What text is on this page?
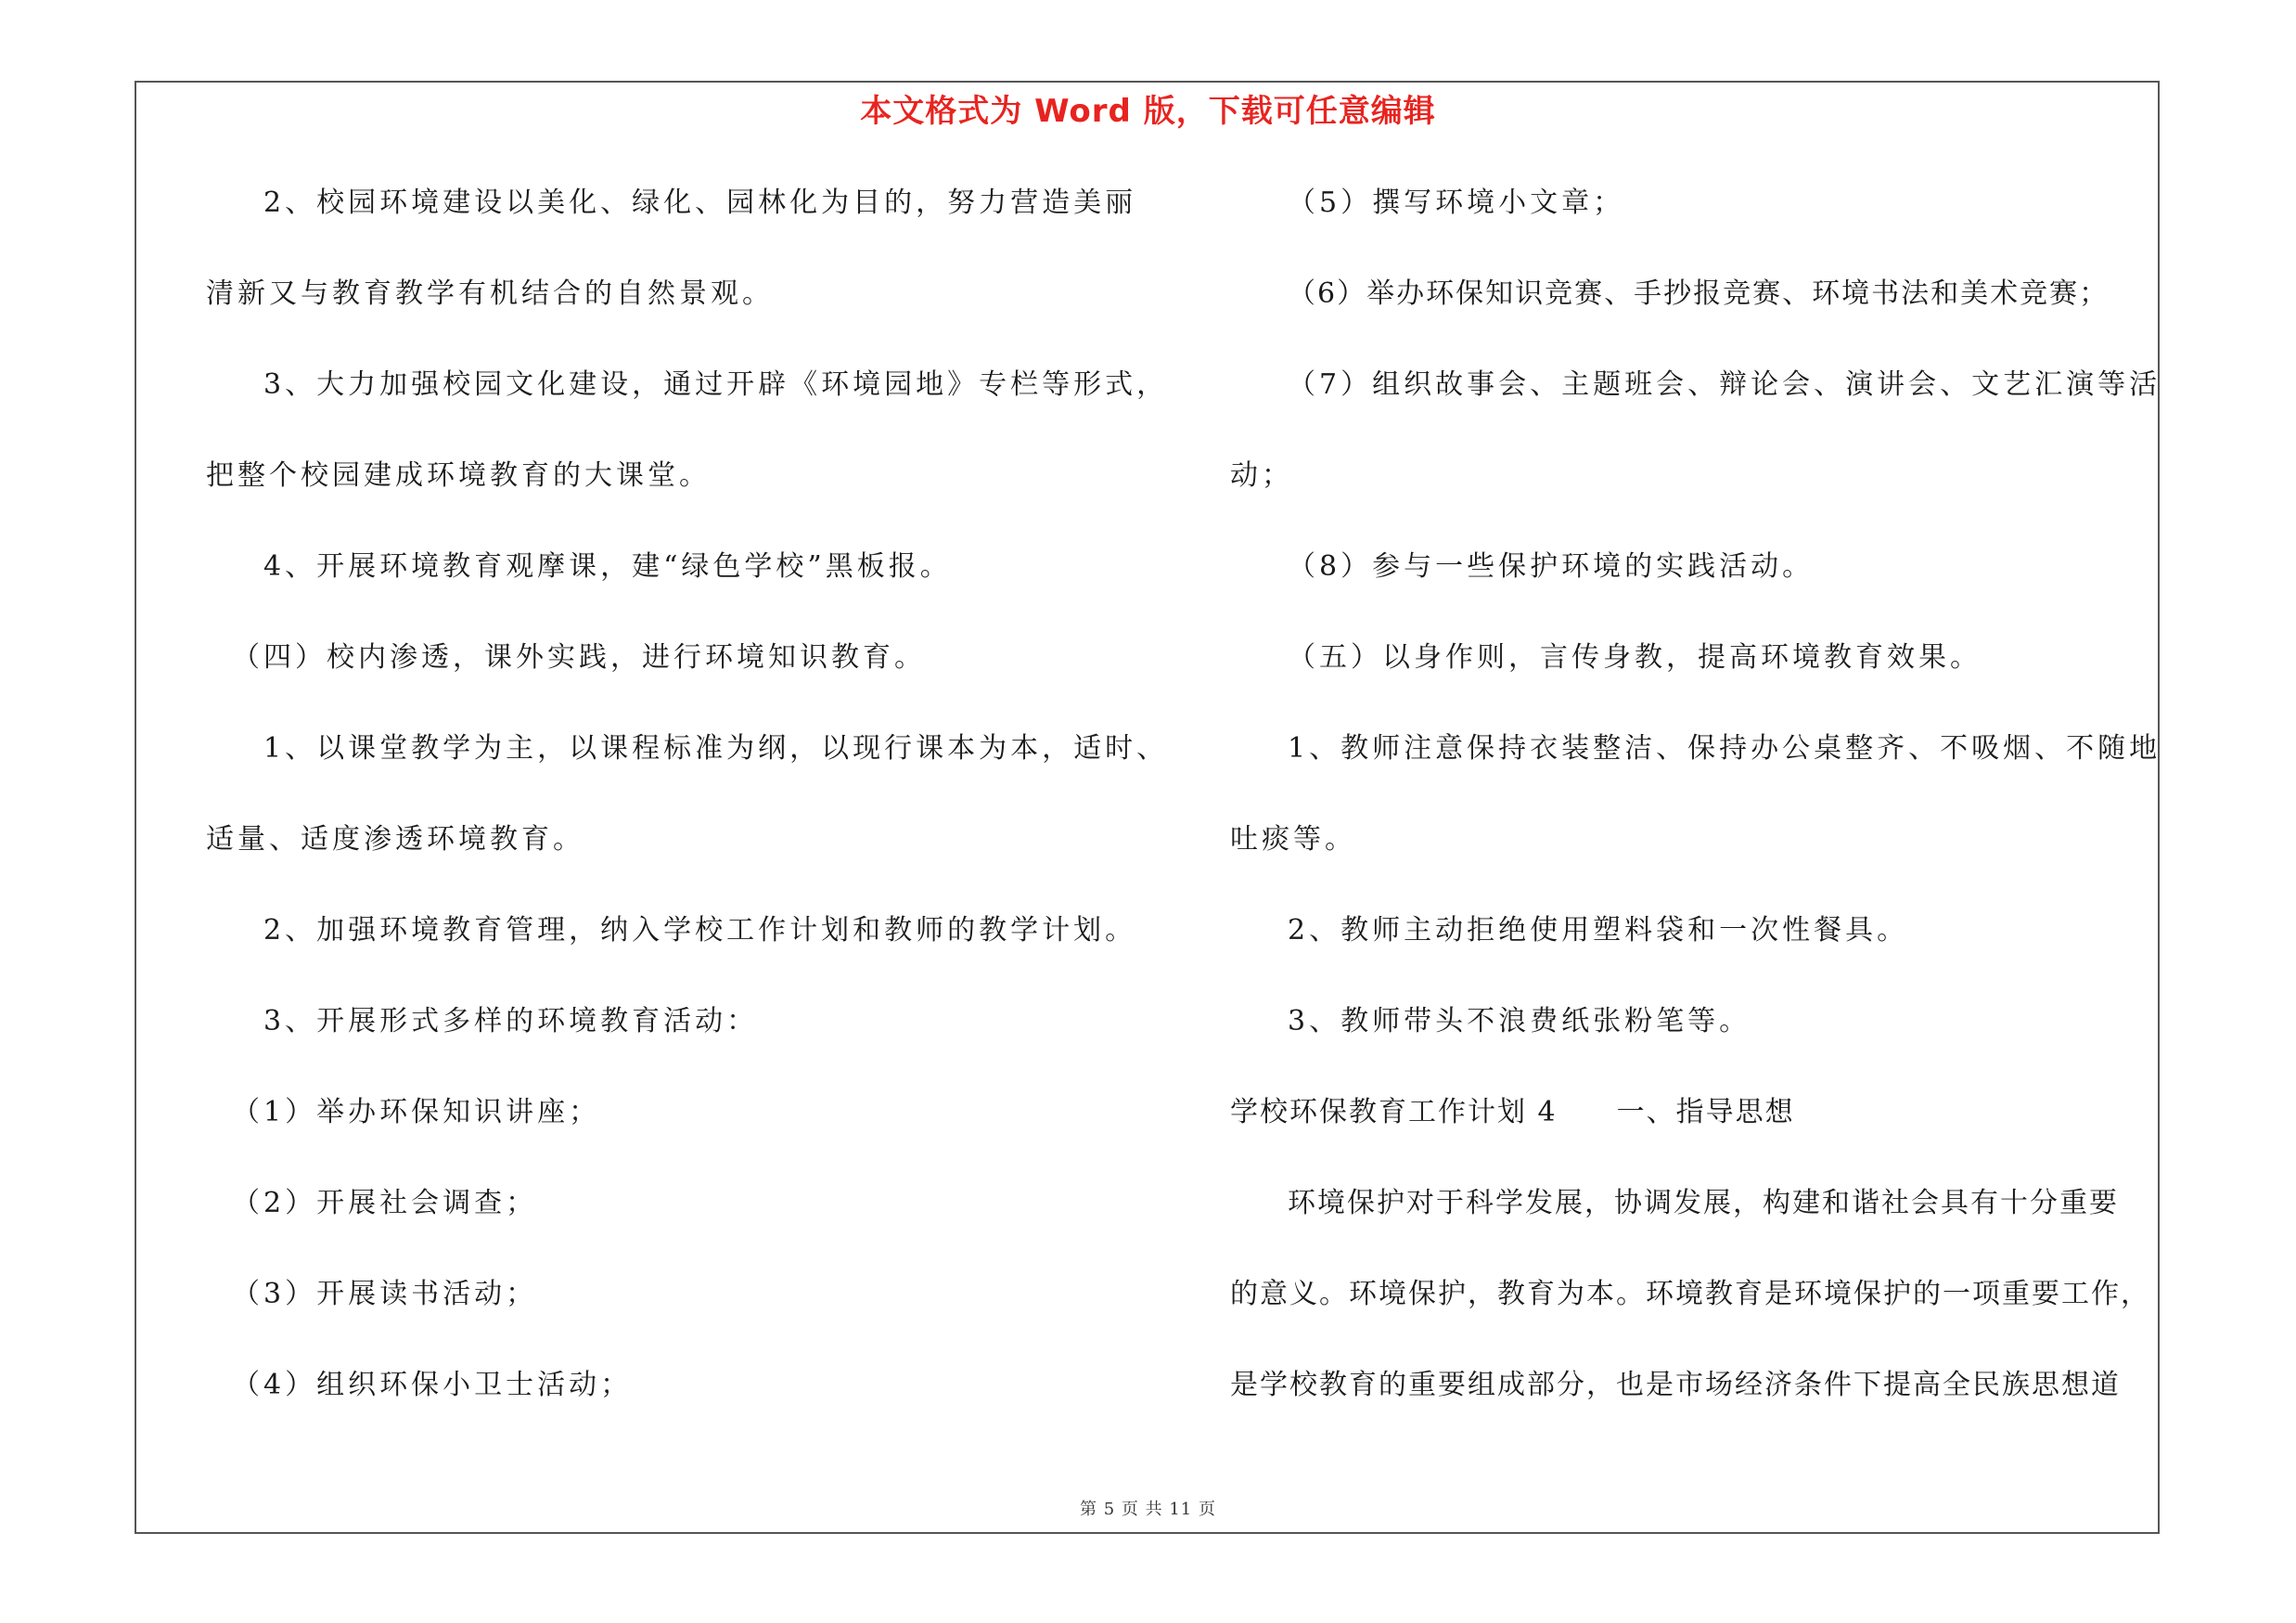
本文格式为 Word 版，下载可任意编辑
2、校园环境建设以美化、绿化、园林化为目的，努力营造美丽
清新又与教育教学有机结合的自然景观。
3、大力加强校园文化建设，通过开辟《环境园地》专栏等形式，
把整个校园建成环境教育的大课堂。
4、开展环境教育观摩课，建“绿色学校”黑板报。
（四）校内渗透，课外实践，进行环境知识教育。
1、以课堂教学为主，以课程标准为纲，以现行课本为本，适时、
适量、适度渗透环境教育。
2、加强环境教育管理，纳入学校工作计划和教师的教学计划。
3、开展形式多样的环境教育活动：
（1）举办环保知识讲座；
（2）开展社会调查；
（3）开展读书活动；
（4）组织环保小卫士活动；
（5）撰写环境小文章；
（6）举办环保知识竞赛、手抄报竞赛、环境书法和美术竞赛；
（7）组织故事会、主题班会、辩论会、演讲会、文艺汇演等活
动；
（8）参与一些保护环境的实践活动。
（五）以身作则，言传身教，提高环境教育效果。
1、教师注意保持衣装整洁、保持办公桌整齐、不吸烟、不随地
吐痰等。
2、教师主动拒绝使用塑料袋和一次性餐具。
3、教师带头不浪费纸张粉笔等。
学校环保教育工作计划 4　　一、指导思想
环境保护对于科学发展，协调发展，构建和谐社会具有十分重要
的意义。环境保护，教育为本。环境教育是环境保护的一项重要工作，
是学校教育的重要组成部分，也是市场经济条件下提高全民族思想道
第 5 页 共 11 页
